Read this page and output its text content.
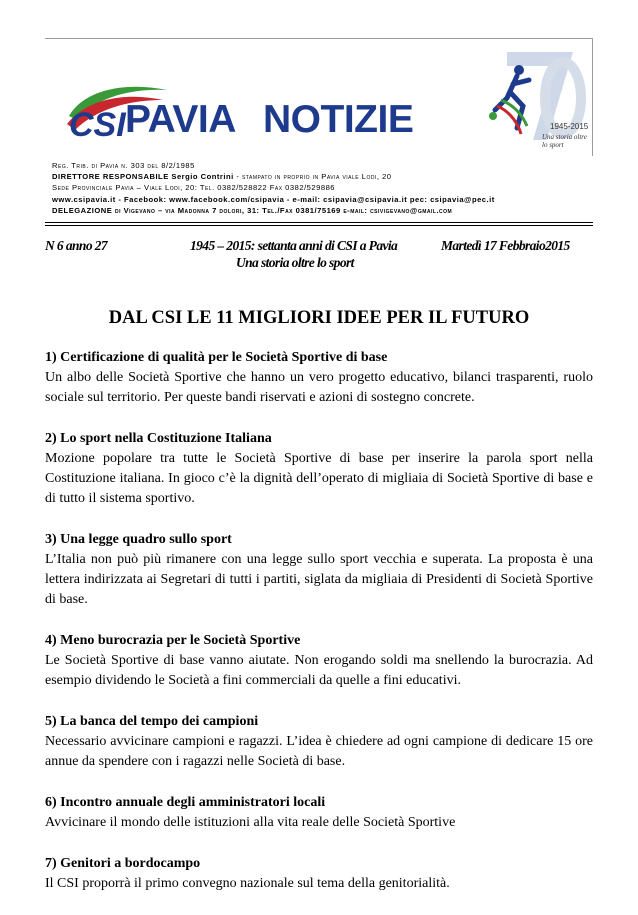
CSI PAVIA NOTIZIE	1945-2015
Una storia oltre lo sport
Reg. Trib. di Pavia n. 303 del 8/2/1985
DIRETTORE RESPONSABILE Sergio Contrini - stampato in proprio in Pavia viale Lodi, 20
Sede Provinciale Pavia – Viale Lodi, 20: Tel. 0382/528822 Fax 0382/529886
www.csipavia.it - Facebook: www.facebook.com/csipavia - e-mail: csipavia@csipavia.it pec: csipavia@pec.it
DELEGAZIONE di Vigevano – via Madonna 7 dolori, 31: Tel./Fax 0381/75169 e-mail: csivigevano@gmail.com
N 6 anno 27	1945 – 2015: settanta anni di CSI a Pavia
Una storia oltre lo sport
Martedì 17 Febbraio2015
DAL CSI LE 11 MIGLIORI IDEE PER IL FUTURO
1) Certificazione di qualità per le Società Sportive di base
Un albo delle Società Sportive che hanno un vero progetto educativo, bilanci trasparenti, ruolo sociale sul territorio. Per queste bandi riservati e azioni di sostegno concrete.
2) Lo sport nella Costituzione Italiana
Mozione popolare tra tutte le Società Sportive di base per inserire la parola sport nella Costituzione italiana. In gioco c’è la dignità dell’operato di migliaia di Società Sportive di base e di tutto il sistema sportivo.
3) Una legge quadro sullo sport
L’Italia non può più rimanere con una legge sullo sport vecchia e superata. La proposta è una lettera indirizzata ai Segretari di tutti i partiti, siglata da migliaia di Presidenti di Società Sportive di base.
4) Meno burocrazia per le Società Sportive
Le Società Sportive di base vanno aiutate. Non erogando soldi ma snellendo la burocrazia. Ad esempio dividendo le Società a fini commerciali da quelle a fini educativi.
5) La banca del tempo dei campioni
Necessario avvicinare campioni e ragazzi. L’idea è chiedere ad ogni campione di dedicare 15 ore annue da spendere con i ragazzi nelle Società di base.
6) Incontro annuale degli amministratori locali
Avvicinare il mondo delle istituzioni alla vita reale delle Società Sportive
7) Genitori a bordocampo
Il CSI proporrà il primo convegno nazionale sul tema della genitorialità.
